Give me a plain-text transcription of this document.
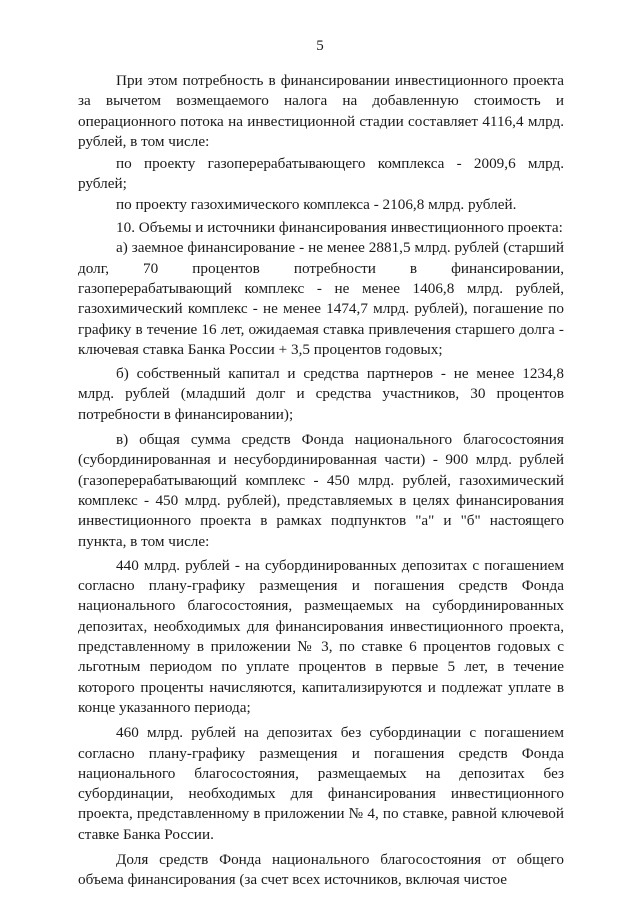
5

При этом потребность в финансировании инвестиционного проекта за вычетом возмещаемого налога на добавленную стоимость и операционного потока на инвестиционной стадии составляет 4116,4 млрд. рублей, в том числе:

по проекту газоперерабатывающего комплекса - 2009,6 млрд. рублей;

по проекту газохимического комплекса - 2106,8 млрд. рублей.

10. Объемы и источники финансирования инвестиционного проекта:

а) заемное финансирование - не менее 2881,5 млрд. рублей (старший долг, 70 процентов потребности в финансировании, газоперерабатывающий комплекс - не менее 1406,8 млрд. рублей, газохимический комплекс - не менее 1474,7 млрд. рублей), погашение по графику в течение 16 лет, ожидаемая ставка привлечения старшего долга - ключевая ставка Банка России + 3,5 процентов годовых;

б) собственный капитал и средства партнеров - не менее 1234,8 млрд. рублей (младший долг и средства участников, 30 процентов потребности в финансировании);

в) общая сумма средств Фонда национального благосостояния (субординированная и несубординированная части) - 900 млрд. рублей (газоперерабатывающий комплекс - 450 млрд. рублей, газохимический комплекс - 450 млрд. рублей), представляемых в целях финансирования инвестиционного проекта в рамках подпунктов "а" и "б" настоящего пункта, в том числе:

440 млрд. рублей - на субординированных депозитах с погашением согласно плану-графику размещения и погашения средств Фонда национального благосостояния, размещаемых на субординированных депозитах, необходимых для финансирования инвестиционного проекта, представленному в приложении № 3, по ставке 6 процентов годовых с льготным периодом по уплате процентов в первые 5 лет, в течение которого проценты начисляются, капитализируются и подлежат уплате в конце указанного периода;

460 млрд. рублей на депозитах без субординации с погашением согласно плану-графику размещения и погашения средств Фонда национального благосостояния, размещаемых на депозитах без субординации, необходимых для финансирования инвестиционного проекта, представленному в приложении № 4, по ставке, равной ключевой ставке Банка России.

Доля средств Фонда национального благосостояния от общего объема финансирования (за счет всех источников, включая чистое
